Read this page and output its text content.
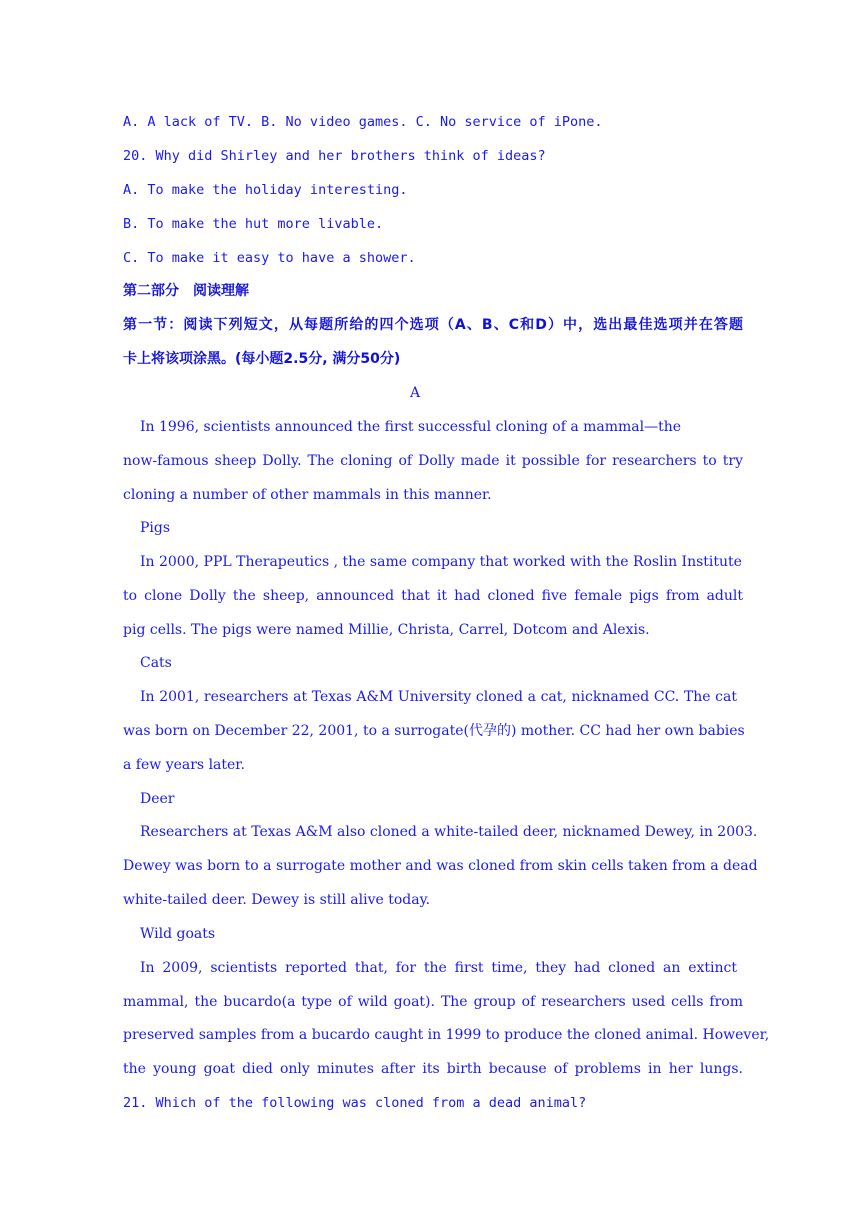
A. A lack of TV. B. No video games. C. No service of iPone.
20. Why did Shirley and her brothers think of ideas?
A. To make the holiday interesting.
B. To make the hut more livable.
C. To make it easy to have a shower.
第二部分　阅读理解
第一节：阅读下列短文，从每题所给的四个选项（A、B、C和D）中，选出最佳选项并在答题
卡上将该项涂黑。(每小题2.5分, 满分50分)
A
In 1996, scientists announced the first successful cloning of a mammal—the
now-famous sheep Dolly. The cloning of Dolly made it possible for researchers to try
cloning a number of other mammals in this manner.
Pigs
In 2000, PPL Therapeutics , the same company that worked with the Roslin Institute
to clone Dolly the sheep, announced that it had cloned five female pigs from adult
pig cells. The pigs were named Millie, Christa, Carrel, Dotcom and Alexis.
Cats
In 2001, researchers at Texas A&M University cloned a cat, nicknamed CC. The cat
was born on December 22, 2001, to a surrogate(代孕的) mother. CC had her own babies
a few years later.
Deer
Researchers at Texas A&M also cloned a white-tailed deer, nicknamed Dewey, in 2003.
Dewey was born to a surrogate mother and was cloned from skin cells taken from a dead
white-tailed deer. Dewey is still alive today.
Wild goats
In 2009, scientists reported that, for the first time, they had cloned an extinct
mammal, the bucardo(a type of wild goat). The group of researchers used cells from
preserved samples from a bucardo caught in 1999 to produce the cloned animal. However,
the young goat died only minutes after its birth because of problems in her lungs.
21. Which of the following was cloned from a dead animal?
